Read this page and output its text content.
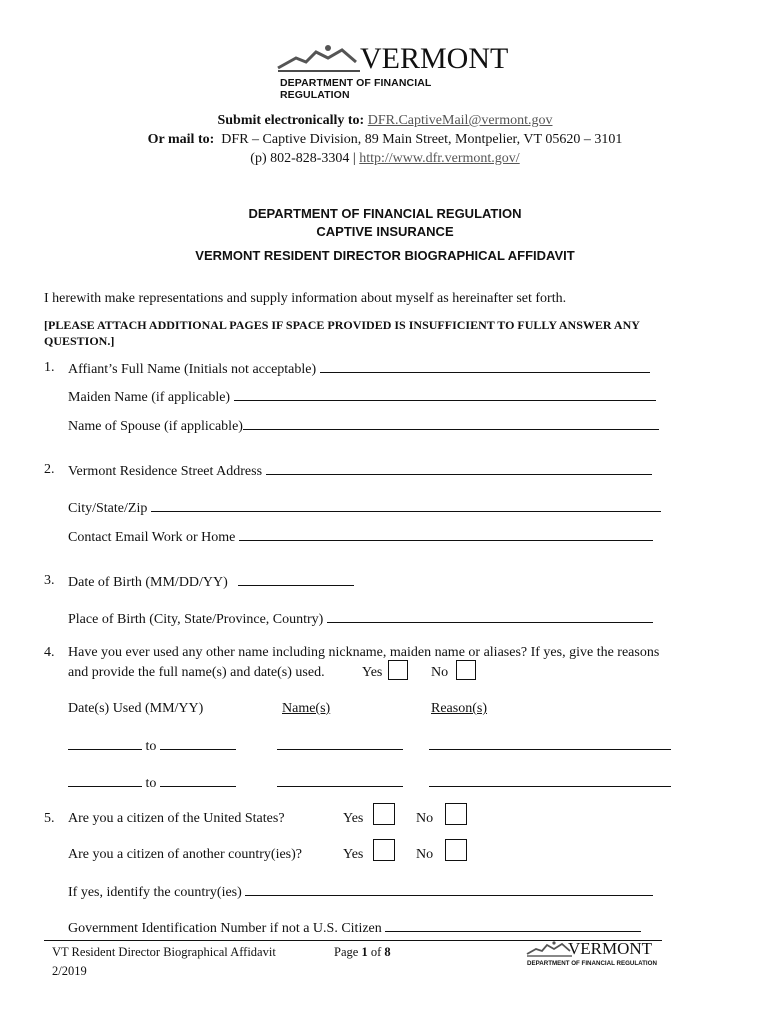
VERMONT
DEPARTMENT OF FINANCIAL REGULATION
Submit electronically to: DFR.CaptiveMail@vermont.gov
Or mail to: DFR – Captive Division, 89 Main Street, Montpelier, VT 05620 – 3101
(p) 802-828-3304 | http://www.dfr.vermont.gov/
DEPARTMENT OF FINANCIAL REGULATION
CAPTIVE INSURANCE
VERMONT RESIDENT DIRECTOR BIOGRAPHICAL AFFIDAVIT
I herewith make representations and supply information about myself as hereinafter set forth.
[PLEASE ATTACH ADDITIONAL PAGES IF SPACE PROVIDED IS INSUFFICIENT TO FULLY ANSWER ANY
QUESTION.]
1. Affiant’s Full Name (Initials not acceptable)
Maiden Name (if applicable)
Name of Spouse (if applicable)
2. Vermont Residence Street Address
City/State/Zip
Contact Email Work or Home
3. Date of Birth (MM/DD/YY)
Place of Birth (City, State/Province, Country)
4. Have you ever used any other name including nickname, maiden name or aliases? If yes, give the reasons
and provide the full name(s) and date(s) used.	Yes	No
Date(s) Used (MM/YY)	Name(s)	Reason(s)
to
to
5. Are you a citizen of the United States?	Yes	No
Are you a citizen of another country(ies)?	Yes	No
If yes, identify the country(ies)
Government Identification Number if not a U.S. Citizen
VT Resident Director Biographical Affidavit
2/2019
Page 1 of 8	VERMONT
DEPARTMENT OF FINANCIAL REGULATION
